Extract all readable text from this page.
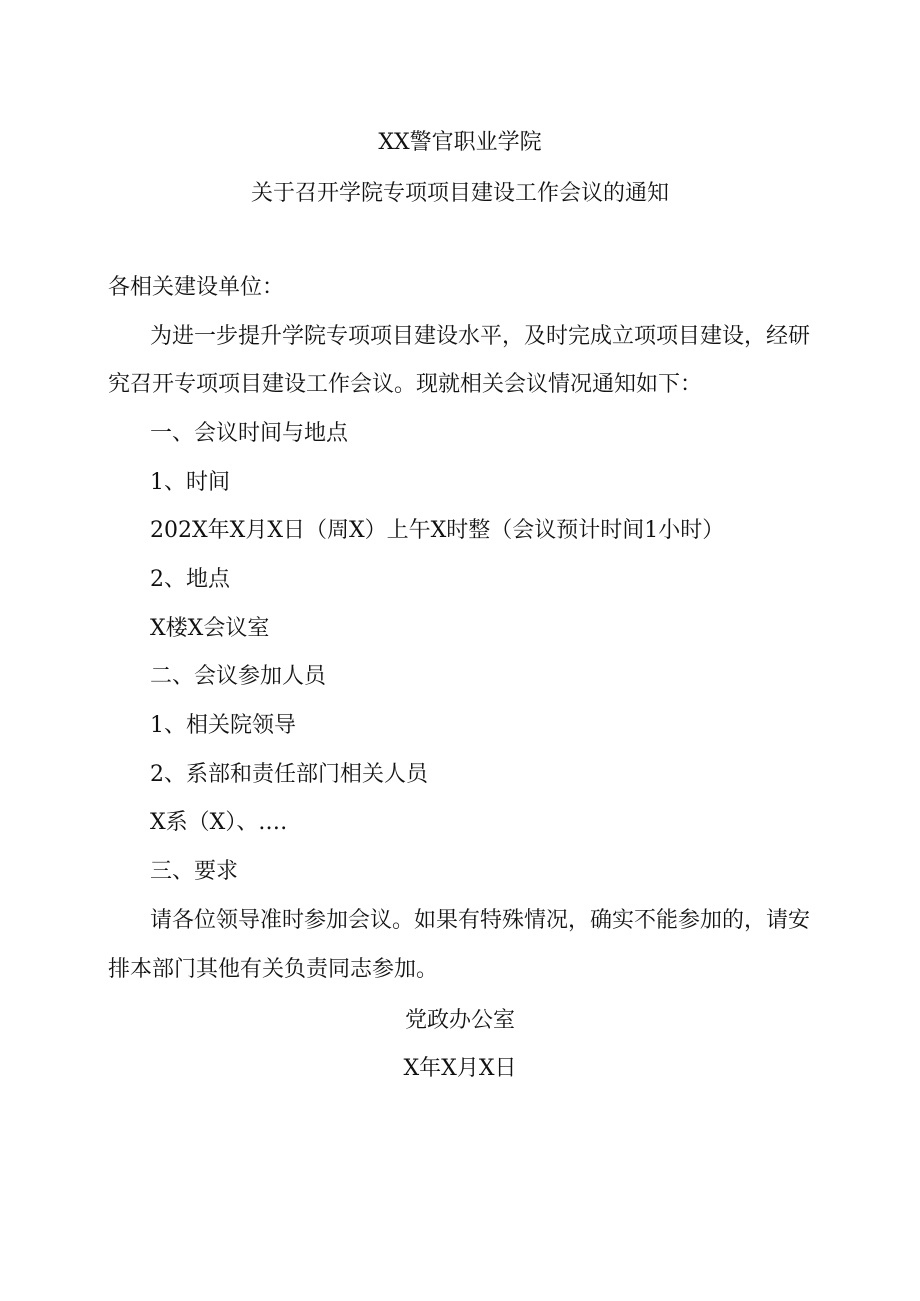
XX警官职业学院
关于召开学院专项项目建设工作会议的通知
各相关建设单位：
为进一步提升学院专项项目建设水平，及时完成立项项目建设，经研
究召开专项项目建设工作会议。现就相关会议情况通知如下：
一、会议时间与地点
1、时间
202X年X月X日（周X）上午X时整（会议预计时间1小时）
2、地点
X楼X会议室
二、会议参加人员
1、相关院领导
2、系部和责任部门相关人员
X系（X）、.…
三、要求
请各位领导准时参加会议。如果有特殊情况，确实不能参加的，请安
排本部门其他有关负责同志参加。
党政办公室
X年X月X日
